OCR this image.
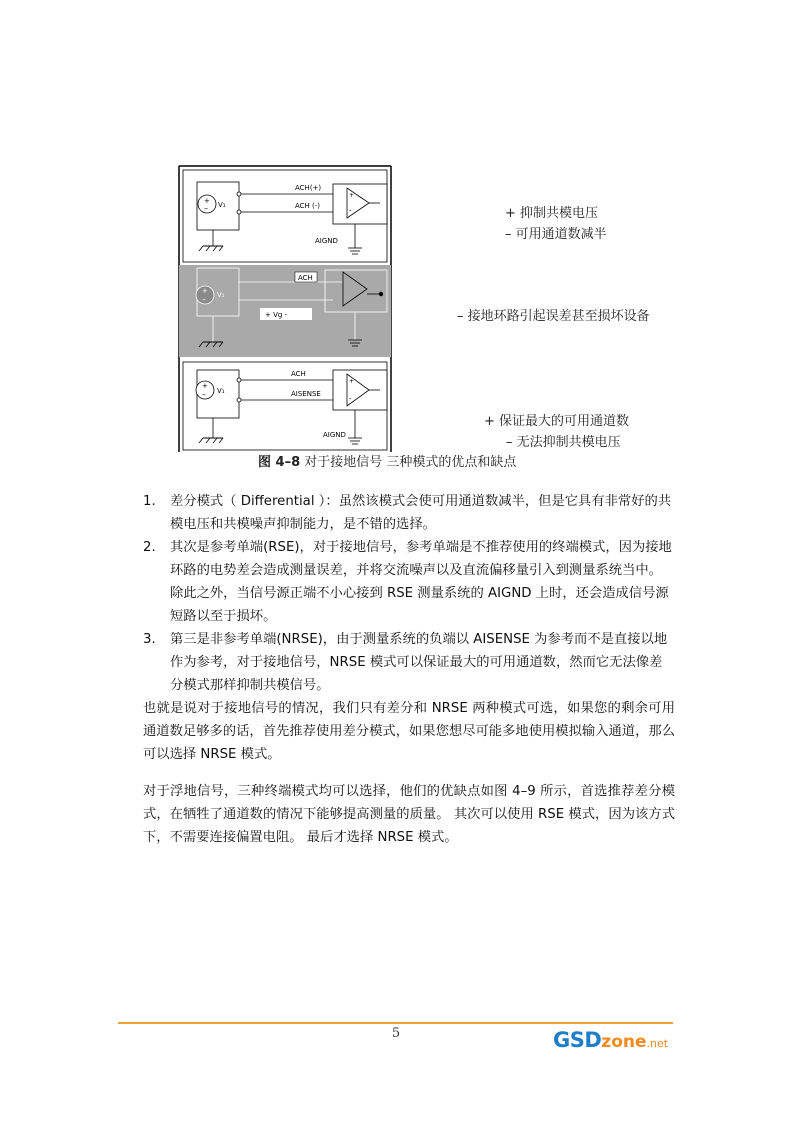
+
– V₁
ACH(+)
ACH (-)
+
-
AIGND
+
– V₁
ACH
+ Vg -
+
– V₁
ACH
AISENSE
+
-
AIGND
+ 抑制共模电压
– 可用通道数减半
– 接地环路引起误差甚至损坏设备
+ 保证最大的可用通道数
– 无法抑制共模电压
图 4–8 对于接地信号 三种模式的优点和缺点
1. 差分模式（ Differential ）：虽然该模式会使可用通道数减半，但是它具有非常好的共模电压和共模噪声抑制能力，是不错的选择。
2. 其次是参考单端(RSE)，对于接地信号，参考单端是不推荐使用的终端模式，因为接地环路的电势差会造成测量误差，并将交流噪声以及直流偏移量引入到测量系统当中。除此之外，当信号源正端不小心接到 RSE 测量系统的 AIGND 上时，还会造成信号源短路以至于损坏。
3. 第三是非参考单端(NRSE)，由于测量系统的负端以 AISENSE 为参考而不是直接以地作为参考，对于接地信号，NRSE 模式可以保证最大的可用通道数，然而它无法像差分模式那样抑制共模信号。
也就是说对于接地信号的情况，我们只有差分和 NRSE 两种模式可选，如果您的剩余可用通道数足够多的话，首先推荐使用差分模式，如果您想尽可能多地使用模拟输入通道，那么可以选择 NRSE 模式。
对于浮地信号，三种终端模式均可以选择，他们的优缺点如图 4–9 所示，首选推荐差分模式，在牺牲了通道数的情况下能够提高测量的质量。 其次可以使用 RSE 模式，因为该方式下，不需要连接偏置电阻。 最后才选择 NRSE 模式。
5	GSDzone.net
